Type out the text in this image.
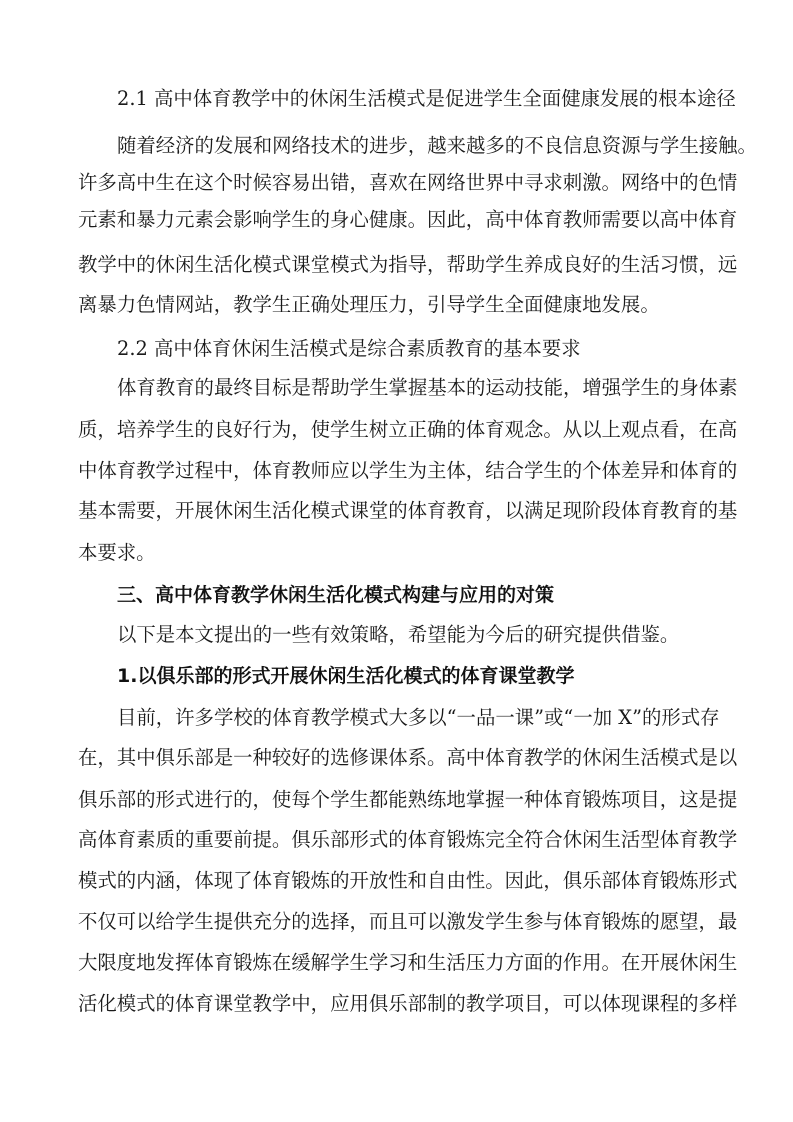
2.1 高中体育教学中的休闲生活模式是促进学生全面健康发展的根本途径

随着经济的发展和网络技术的进步，越来越多的不良信息资源与学生接触。

许多高中生在这个时候容易出错，喜欢在网络世界中寻求刺激。网络中的色情

元素和暴力元素会影响学生的身心健康。因此，高中体育教师需要以高中体育

教学中的休闲生活化模式课堂模式为指导，帮助学生养成良好的生活习惯，远

离暴力色情网站，教学生正确处理压力，引导学生全面健康地发展。

2.2 高中体育休闲生活模式是综合素质教育的基本要求

体育教育的最终目标是帮助学生掌握基本的运动技能，增强学生的身体素

质，培养学生的良好行为，使学生树立正确的体育观念。从以上观点看，在高

中体育教学过程中，体育教师应以学生为主体，结合学生的个体差异和体育的

基本需要，开展休闲生活化模式课堂的体育教育，以满足现阶段体育教育的基

本要求。

三、高中体育教学休闲生活化模式构建与应用的对策

以下是本文提出的一些有效策略，希望能为今后的研究提供借鉴。

1.以俱乐部的形式开展休闲生活化模式的体育课堂教学

目前，许多学校的体育教学模式大多以“一品一课”或“一加 X”的形式存

在，其中俱乐部是一种较好的选修课体系。高中体育教学的休闲生活模式是以

俱乐部的形式进行的，使每个学生都能熟练地掌握一种体育锻炼项目，这是提

高体育素质的重要前提。俱乐部形式的体育锻炼完全符合休闲生活型体育教学

模式的内涵，体现了体育锻炼的开放性和自由性。因此，俱乐部体育锻炼形式

不仅可以给学生提供充分的选择，而且可以激发学生参与体育锻炼的愿望，最

大限度地发挥体育锻炼在缓解学生学习和生活压力方面的作用。在开展休闲生

活化模式的体育课堂教学中，应用俱乐部制的教学项目，可以体现课程的多样
